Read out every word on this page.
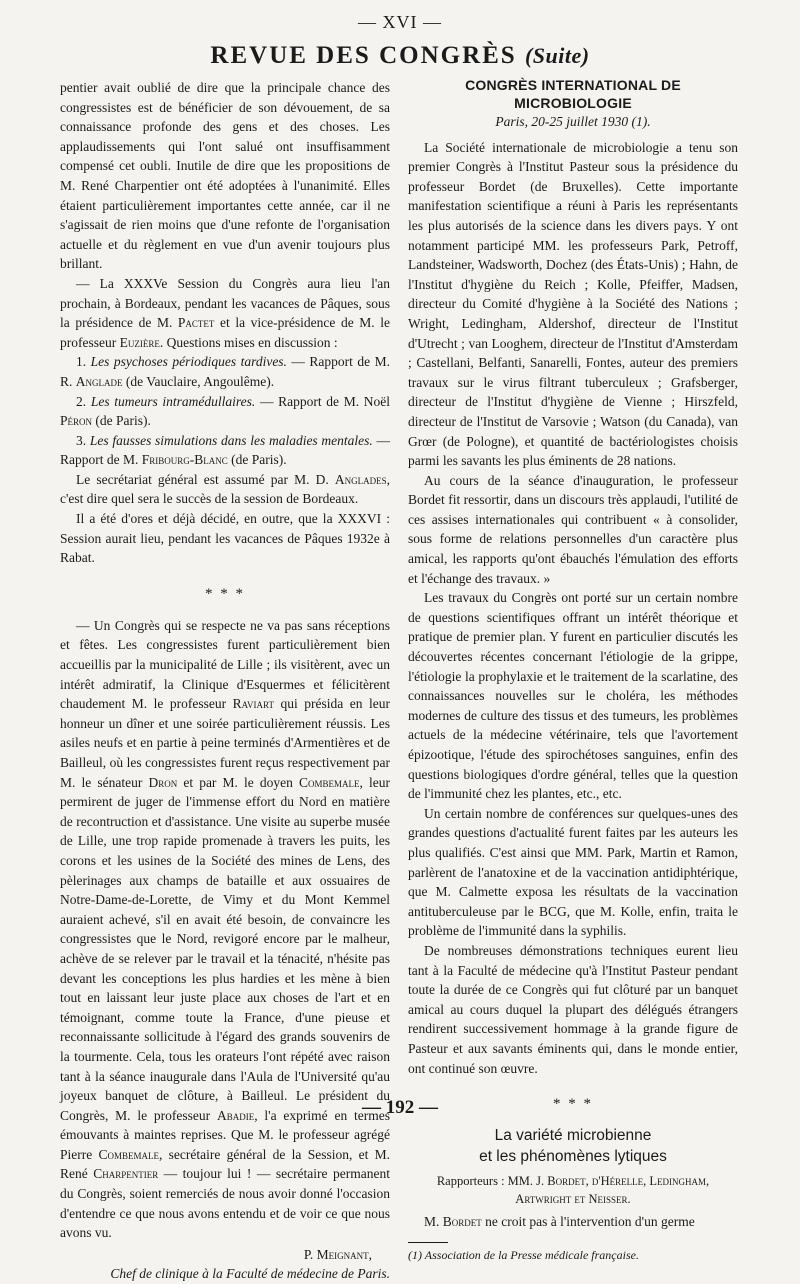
— XVI —
REVUE DES CONGRÈS (Suite)

pentier avait oublié de dire que la principale chance des congressistes est de bénéficier de son dévouement, de sa connaissance profonde des gens et des choses. Les applaudissements qui l'ont salué ont insuffisamment compensé cet oubli. Inutile de dire que les propositions de M. René Charpentier ont été adoptées à l'unanimité. Elles étaient particulièrement importantes cette année, car il ne s'agissait de rien moins que d'une refonte de l'organisation actuelle et du règlement en vue d'un avenir toujours plus brillant.

— La XXXVe Session du Congrès aura lieu l'an prochain, à Bordeaux, pendant les vacances de Pâques, sous la présidence de M. Pactet et la vice-présidence de M. le professeur Euzière. Questions mises en discussion :

1. Les psychoses périodiques tardives. — Rapport de M. R. Anglade (de Vauclaire, Angoulême).

2. Les tumeurs intramédullaires. — Rapport de M. Noël Péron (de Paris).

3. Les fausses simulations dans les maladies mentales. — Rapport de M. Fribourg-Blanc (de Paris).

Le secrétariat général est assumé par M. D. Anglades, c'est dire quel sera le succès de la session de Bordeaux.

Il a été d'ores et déjà décidé, en outre, que la XXXVI : Session aurait lieu, pendant les vacances de Pâques 1932e à Rabat.

* * *

— Un Congrès qui se respecte ne va pas sans réceptions et fêtes. Les congressistes furent particulièrement bien accueillis par la municipalité de Lille ; ils visitèrent, avec un intérêt admiratif, la Clinique d'Esquermes et félicitèrent chaudement M. le professeur Raviart qui présida en leur honneur un dîner et une soirée particulièrement réussis. Les asiles neufs et en partie à peine terminés d'Armentières et de Bailleul, où les congressistes furent reçus respectivement par M. le sénateur Dron et par M. le doyen Combemale, leur permirent de juger de l'immense effort du Nord en matière de recontruction et d'assistance. Une visite au superbe musée de Lille, une trop rapide promenade à travers les puits, les corons et les usines de la Société des mines de Lens, des pèlerinages aux champs de bataille et aux ossuaires de Notre-Dame-de-Lorette, de Vimy et du Mont Kemmel auraient achevé, s'il en avait été besoin, de convaincre les congressistes que le Nord, revigoré encore par le malheur, achève de se relever par le travail et la ténacité, n'hésite pas devant les conceptions les plus hardies et les mène à bien tout en laissant leur juste place aux choses de l'art et en témoignant, comme toute la France, d'une pieuse et reconnaissante sollicitude à l'égard des grands souvenirs de la tourmente. Cela, tous les orateurs l'ont répété avec raison tant à la séance inaugurale dans l'Aula de l'Université qu'au joyeux banquet de clôture, à Bailleul. Le président du Congrès, M. le professeur Abadie, l'a exprimé en termes émouvants à maintes reprises. Que M. le professeur agrégé Pierre Combemale, secrétaire général de la Session, et M. René Charpentier — toujour lui ! — secrétaire permanent du Congrès, soient remerciés de nous avoir donné l'occasion d'entendre ce que nous avons entendu et de voir ce que nous avons vu.

P. Meignant,

Chef de clinique à la Faculté de médecine de Paris.

CONGRÈS INTERNATIONAL DE MICROBIOLOGIE
Paris, 20-25 juillet 1930 (1).

La Société internationale de microbiologie a tenu son premier Congrès à l'Institut Pasteur sous la présidence du professeur Bordet (de Bruxelles). Cette importante manifestation scientifique a réuni à Paris les représentants les plus autorisés de la science dans les divers pays. Y ont notamment participé MM. les professeurs Park, Petroff, Landsteiner, Wadsworth, Dochez (des États-Unis) ; Hahn, de l'Institut d'hygiène du Reich ; Kolle, Pfeiffer, Madsen, directeur du Comité d'hygiène à la Société des Nations ; Wright, Ledingham, Aldershof, directeur de l'Institut d'Utrecht ; van Looghem, directeur de l'Institut d'Amsterdam ; Castellani, Belfanti, Sanarelli, Fontes, auteur des premiers travaux sur le virus filtrant tuberculeux ; Grafsberger, directeur de l'Institut d'hygiène de Vienne ; Hirszfeld, directeur de l'Institut de Varsovie ; Watson (du Canada), van Grœr (de Pologne), et quantité de bactériologistes choisis parmi les savants les plus éminents de 28 nations.

Au cours de la séance d'inauguration, le professeur Bordet fit ressortir, dans un discours très applaudi, l'utilité de ces assises internationales qui contribuent « à consolider, sous forme de relations personnelles d'un caractère plus amical, les rapports qu'ont ébauchés l'émulation des efforts et l'échange des travaux. »

Les travaux du Congrès ont porté sur un certain nombre de questions scientifiques offrant un intérêt théorique et pratique de premier plan. Y furent en particulier discutés les découvertes récentes concernant l'étiologie de la grippe, l'étiologie la prophylaxie et le traitement de la scarlatine, des connaissances nouvelles sur le choléra, les méthodes modernes de culture des tissus et des tumeurs, les problèmes actuels de la médecine vétérinaire, tels que l'avortement épizootique, l'étude des spirochétoses sanguines, enfin des questions biologiques d'ordre général, telles que la question de l'immunité chez les plantes, etc., etc.

Un certain nombre de conférences sur quelques-unes des grandes questions d'actualité furent faites par les auteurs les plus qualifiés. C'est ainsi que MM. Park, Martin et Ramon, parlèrent de l'anatoxine et de la vaccination antidiphtérique, que M. Calmette exposa les résultats de la vaccination antituberculeuse par le BCG, que M. Kolle, enfin, traita le problème de l'immunité dans la syphilis.

De nombreuses démonstrations techniques eurent lieu tant à la Faculté de médecine qu'à l'Institut Pasteur pendant toute la durée de ce Congrès qui fut clôturé par un banquet amical au cours duquel la plupart des délégués étrangers rendirent successivement hommage à la grande figure de Pasteur et aux savants éminents qui, dans le monde entier, ont continué son œuvre.

* * *
La variété microbienne
et les phénomènes lytiques
Rapporteurs : MM. J. Bordet, d'Hérelle, Ledingham, Artwright et Neisser.

M. Bordet ne croit pas à l'intervention d'un germe

(1) Association de la Presse médicale française.

— 192 —
